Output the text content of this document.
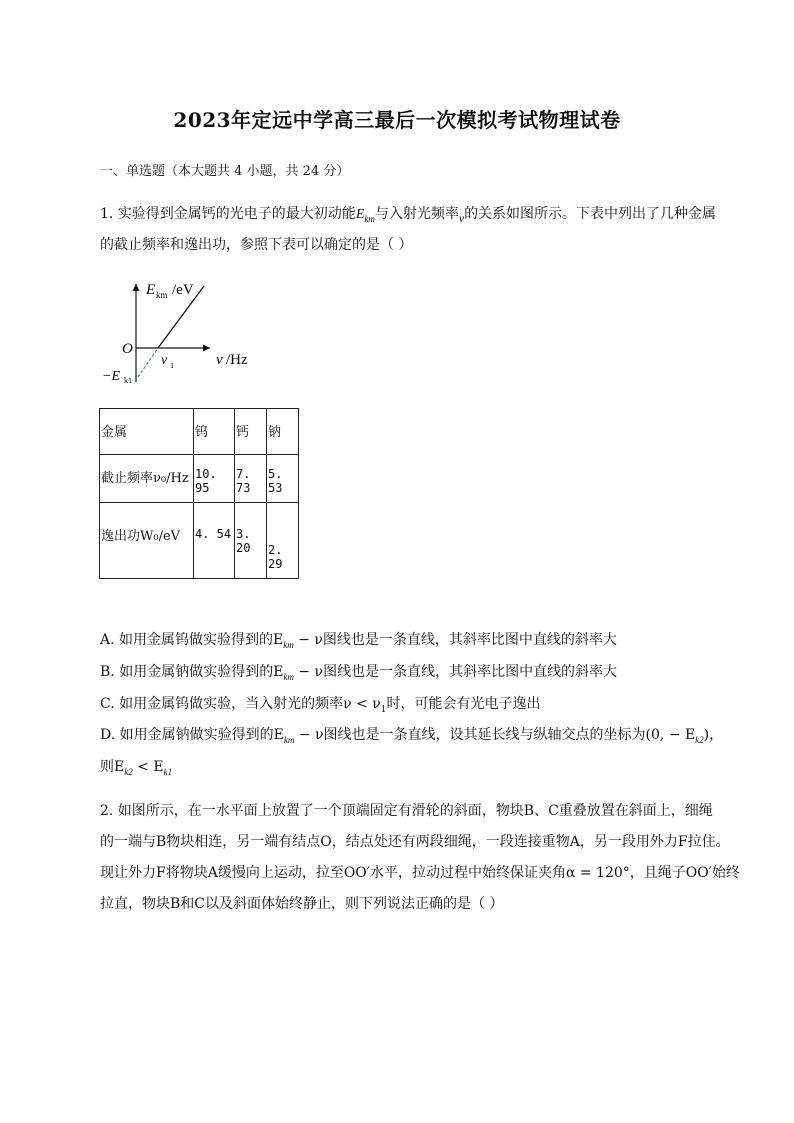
2023年定远中学高三最后一次模拟考试物理试卷
一、单选题（本大题共 4 小题，共 24 分）
1. 实验得到金属钙的光电子的最大初动能$E_{km}$与入射光频率$_\nu$的关系如图所示。下表中列出了几种金属
的截止频率和逸出功，参照下表可以确定的是（ ）
E km /eV
O
ν 1	ν /Hz
−E k1
金属	钨	钙	钠

截止频率ν₀/Hz	10. 95	7. 73	5. 53

逸出功W₀/eV	4. 54	3. 20	2. 29
A. 如用金属钨做实验得到的$E_{km} - \nu$图线也是一条直线，其斜率比图中直线的斜率大
B. 如用金属钠做实验得到的$E_{km} - \nu$图线也是一条直线，其斜率比图中直线的斜率大
C. 如用金属钨做实验，当入射光的频率$\nu < \nu_1$时，可能会有光电子逸出
D. 如用金属钠做实验得到的$E_{km} - \nu$图线也是一条直线，设其延长线与纵轴交点的坐标为(0, − $E_{k2}$)，
则$E_{k2} < E_{k1}$
2. 如图所示，在一水平面上放置了一个顶端固定有滑轮的斜面，物块B、C重叠放置在斜面上，细绳
的一端与B物块相连，另一端有结点O，结点处还有两段细绳，一段连接重物A，另一段用外力F拉住。
现让外力F将物块A缓慢向上运动，拉至OO′水平，拉动过程中始终保证夹角α = 120°，且绳子OO′始终
拉直，物块B和C以及斜面体始终静止，则下列说法正确的是（ ）
